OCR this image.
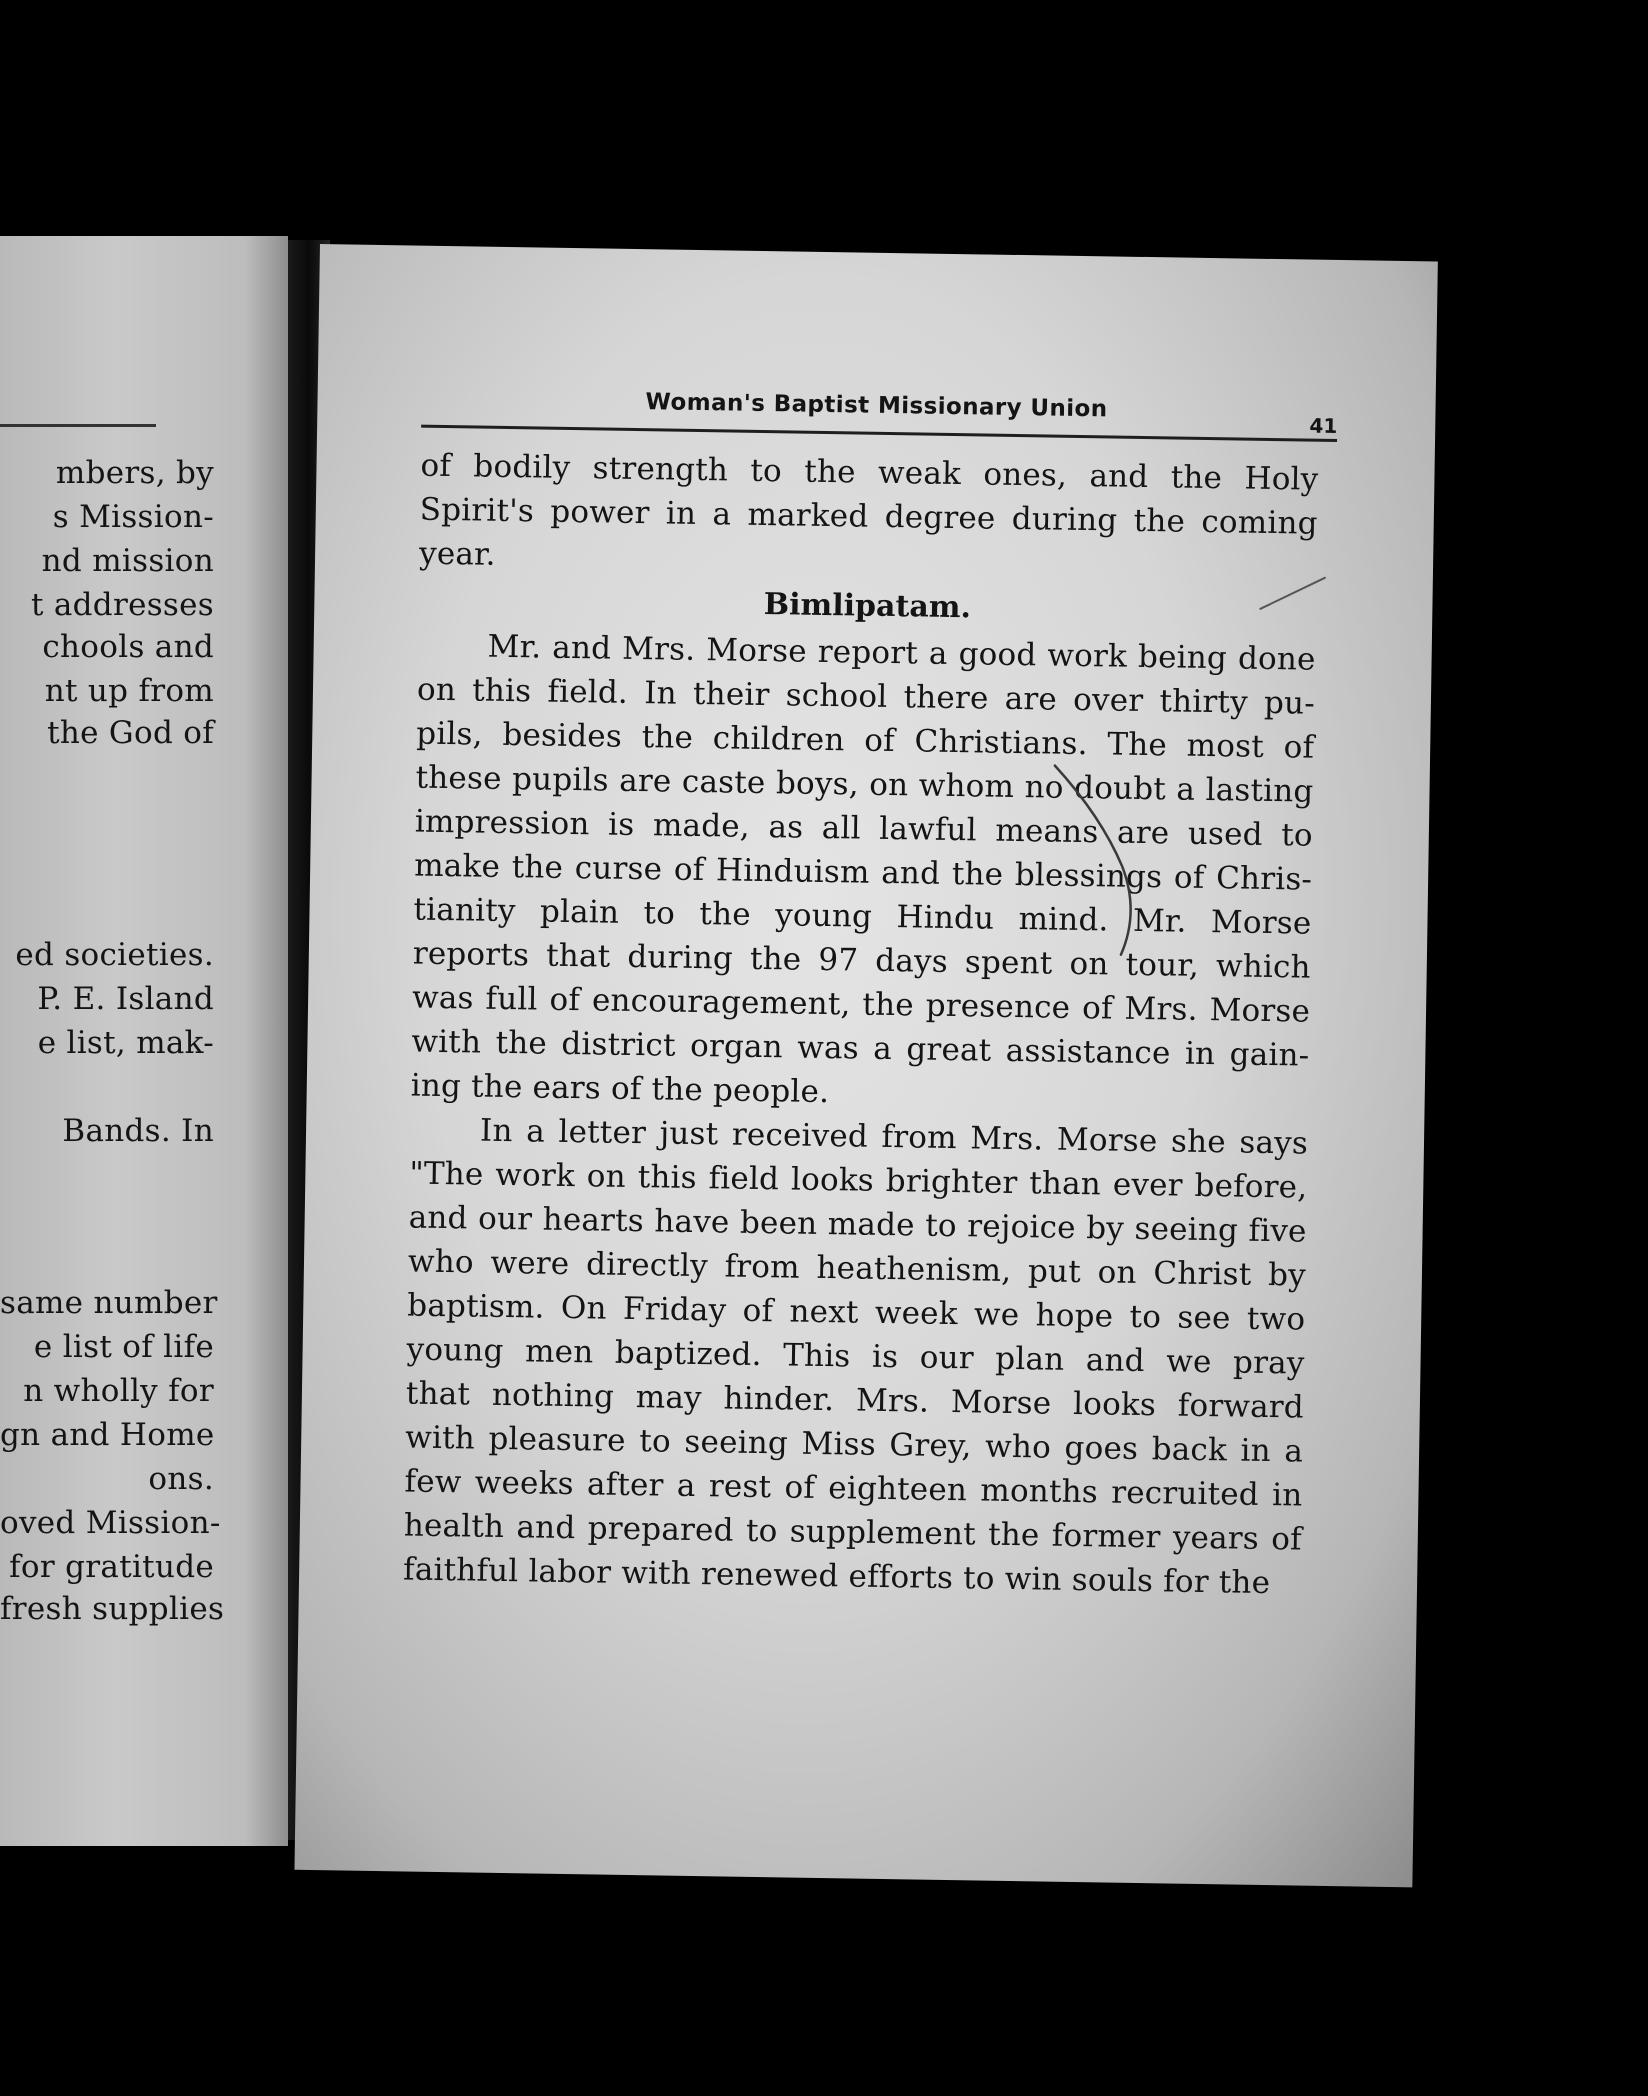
mbers, by
s Mission-
nd mission
t addresses
chools and
nt up from
the God of
ed societies.
P. E. Island
e list, mak-
Bands. In
same number
e list of life
n wholly for
gn and Home
ons.
oved Mission-
for gratitude
fresh supplies
Woman's Baptist Missionary Union
41
of bodily strength to the weak ones, and the Holy
Spirit's power in a marked degree during the coming
year.
Bimlipatam.
Mr. and Mrs. Morse report a good work being done
on this field. In their school there are over thirty pu-
pils, besides the children of Christians. The most of
these pupils are caste boys, on whom no doubt a lasting
impression is made, as all lawful means are used to
make the curse of Hinduism and the blessings of Chris-
tianity plain to the young Hindu mind. Mr. Morse
reports that during the 97 days spent on tour, which
was full of encouragement, the presence of Mrs. Morse
with the district organ was a great assistance in gain-
ing the ears of the people.
In a letter just received from Mrs. Morse she says
"The work on this field looks brighter than ever before,
and our hearts have been made to rejoice by seeing five
who were directly from heathenism, put on Christ by
baptism. On Friday of next week we hope to see two
young men baptized. This is our plan and we pray
that nothing may hinder. Mrs. Morse looks forward
with pleasure to seeing Miss Grey, who goes back in a
few weeks after a rest of eighteen months recruited in
health and prepared to supplement the former years of
faithful labor with renewed efforts to win souls for the
